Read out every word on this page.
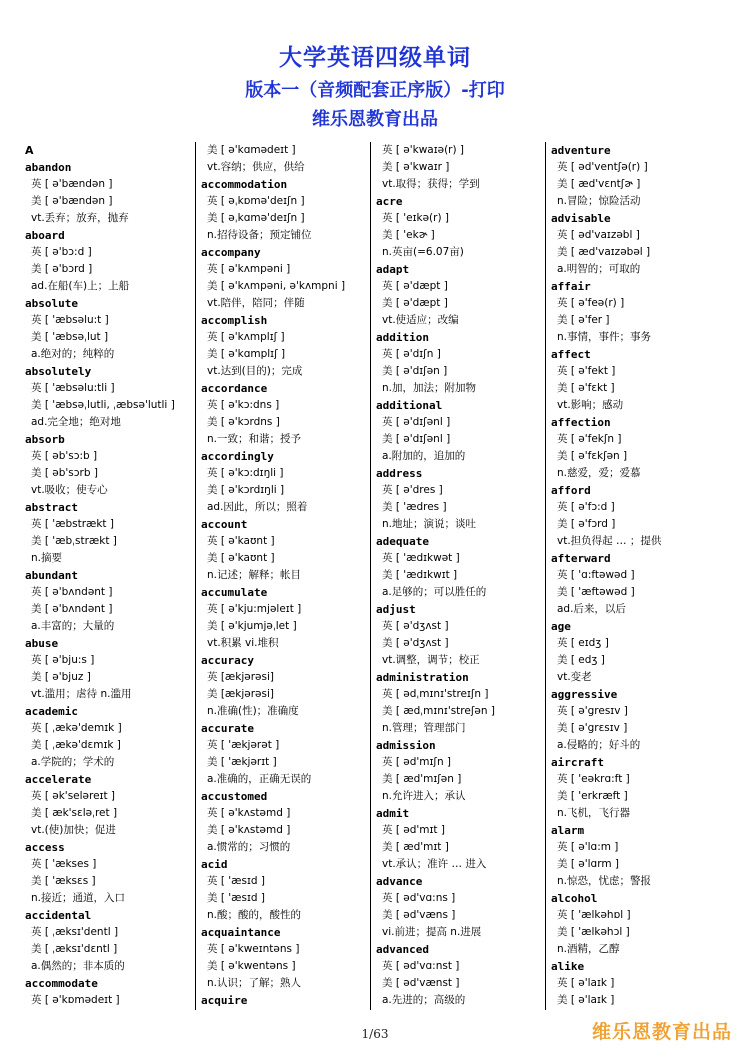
大学英语四级单词
版本一（音频配套正序版）-打印
维乐恩教育出品
A
abandon
英 [ ə'bændən ]
美 [ ə'bændən ]
vt.丢弃；放弃，抛弃
aboard
英 [ ə'bɔ:d ]
美 [ ə'bɔrd ]
ad.在船(车)上；上船
absolute
英 [ 'æbsəlu:t ]
美 [ 'æbsəˌlut ]
a.绝对的；纯粹的
absolutely
英 [ 'æbsəlu:tli ]
美 [ 'æbsəˌlutli, ˌæbsə'lutli ]
ad.完全地；绝对地
absorb
英 [ əb'sɔ:b ]
美 [ əb'sɔrb ]
vt.吸收；使专心
abstract
英 [ 'æbstrækt ]
美 [ 'æbˌstrækt ]
n.摘要
abundant
英 [ ə'bʌndənt ]
美 [ ə'bʌndənt ]
a.丰富的；大量的
abuse
英 [ ə'bju:s ]
美 [ ə'bjuz ]
vt.滥用；虐待 n.滥用
academic
英 [ ˌækə'demɪk ]
美 [ ˌækə'dɛmɪk ]
a.学院的；学术的
accelerate
英 [ ək'seləreɪt ]
美 [ æk'sɛləˌret ]
vt.(使)加快；促进
access
英 [ 'ækses ]
美 [ 'æksɛs ]
n.接近；通道，入口
accidental
英 [ ˌæksɪ'dentl ]
美 [ ˌæksɪ'dɛntl ]
a.偶然的；非本质的
accommodate
英 [ ə'kɒmədeɪt ]
美 [ ə'kɑmədeɪt ]
vt.容纳；供应，供给
accommodation
英 [ əˌkɒmə'deɪʃn ]
美 [ əˌkɑmə'deɪʃn ]
n.招待设备；预定铺位
accompany
英 [ ə'kʌmpəni ]
美 [ ə'kʌmpəni, ə'kʌmpni ]
vt.陪伴，陪同；伴随
accomplish
英 [ ə'kʌmplɪʃ ]
美 [ ə'kɑmplɪʃ ]
vt.达到(目的)；完成
accordance
英 [ ə'kɔ:dns ]
美 [ ə'kɔrdns ]
n.一致；和谐；授予
accordingly
英 [ ə'kɔ:dɪŋli ]
美 [ ə'kɔrdɪŋli ]
ad.因此，所以；照着
account
英 [ ə'kaʊnt ]
美 [ ə'kaʊnt ]
n.记述；解释；帐目
accumulate
英 [ ə'kju:mjəleɪt ]
美 [ ə'kjumjəˌlet ]
vt.积累 vi.堆积
accuracy
英 [ækjərəsi]
美 [ækjərəsi]
n.准确(性)；准确度
accurate
英 [ 'ækjərət ]
美 [ 'ækjərɪt ]
a.准确的，正确无误的
accustomed
英 [ ə'kʌstəmd ]
美 [ ə'kʌstəmd ]
a.惯常的；习惯的
acid
英 [ 'æsɪd ]
美 [ 'æsɪd ]
n.酸；酸的，酸性的
acquaintance
英 [ ə'kweɪntəns ]
美 [ ə'kwentəns ]
n.认识；了解；熟人
acquire
英 [ ə'kwaɪə(r) ]
美 [ ə'kwaɪr ]
vt.取得；获得；学到
acre
英 [ 'eɪkə(r) ]
美 [ 'ekɚ ]
n.英亩(=6.07亩)
adapt
英 [ ə'dæpt ]
美 [ ə'dæpt ]
vt.使适应；改编
addition
英 [ ə'dɪʃn ]
美 [ ə'dɪʃən ]
n.加，加法；附加物
additional
英 [ ə'dɪʃənl ]
美 [ ə'dɪʃənl ]
a.附加的，追加的
address
英 [ ə'dres ]
美 [ 'ædres ]
n.地址；演说；谈吐
adequate
英 [ 'ædɪkwət ]
美 [ 'ædɪkwɪt ]
a.足够的；可以胜任的
adjust
英 [ ə'dʒʌst ]
美 [ ə'dʒʌst ]
vt.调整，调节；校正
administration
英 [ ədˌmɪnɪ'streɪʃn ]
美 [ ædˌmɪnɪ'streʃən ]
n.管理；管理部门
admission
英 [ əd'mɪʃn ]
美 [ æd'mɪʃən ]
n.允许进入；承认
admit
英 [ əd'mɪt ]
美 [ æd'mɪt ]
vt.承认；准许 … 进入
advance
英 [ əd'vɑ:ns ]
美 [ əd'væns ]
vi.前进；提高 n.进展
advanced
英 [ əd'vɑ:nst ]
美 [ əd'vænst ]
a.先进的；高级的
adventure
英 [ əd'ventʃə(r) ]
美 [ æd'vɛntʃɚ ]
n.冒险；惊险活动
advisable
英 [ əd'vaɪzəbl ]
美 [ æd'vaɪzəbəl ]
a.明智的；可取的
affair
英 [ ə'feə(r) ]
美 [ ə'fer ]
n.事情，事件；事务
affect
英 [ ə'fekt ]
美 [ ə'fɛkt ]
vt.影响；感动
affection
英 [ ə'fekʃn ]
美 [ ə'fɛkʃən ]
n.慈爱，爱；爱慕
afford
英 [ ə'fɔ:d ]
美 [ ə'fɔrd ]
vt.担负得起 … ；提供
afterward
英 [ 'ɑ:ftəwəd ]
美 [ 'æftəwəd ]
ad.后来，以后
age
英 [ eɪdʒ ]
美 [ edʒ ]
vt.变老
aggressive
英 [ ə'gresɪv ]
美 [ ə'grɛsɪv ]
a.侵略的；好斗的
aircraft
英 [ 'eəkrɑ:ft ]
美 [ 'erkræft ]
n.飞机，飞行器
alarm
英 [ ə'lɑ:m ]
美 [ ə'lɑrm ]
n.惊恐，忧虑；警报
alcohol
英 [ 'ælkəhɒl ]
美 [ 'ælkəhɔl ]
n.酒精，乙醇
alike
英 [ ə'laɪk ]
美 [ ə'laɪk ]
1/63	维乐恩教育出品
